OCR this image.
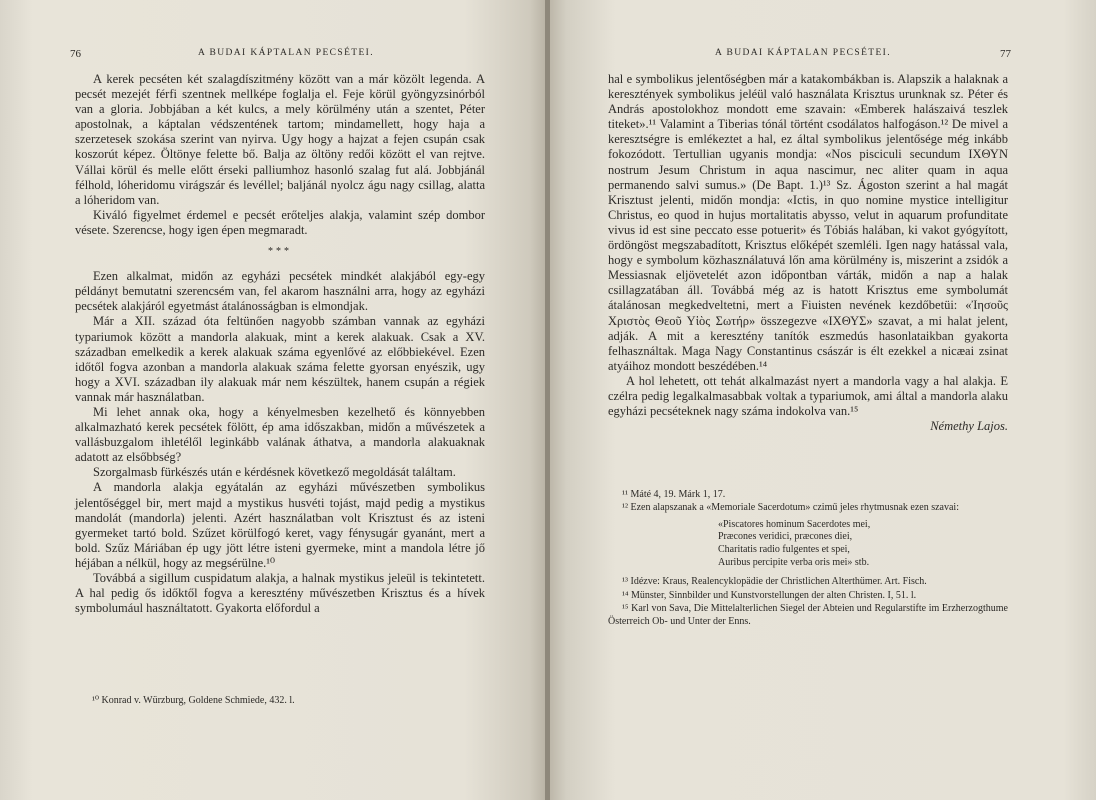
76	A BUDAI KÁPTALAN PECSÉTEI.

A kerek pecséten két szalagdíszitmény között van a már közölt legenda. A pecsét mezejét férfi szentnek mellképe foglalja el. Feje körül gyöngyzsinórból van a gloria. Jobbjában a két kulcs, a mely körülmény után a szentet, Péter apostolnak, a káptalan védszentének tartom; mindamellett, hogy haja a szerzetesek szokása szerint van nyirva. Ugy hogy a hajzat a fejen csupán csak koszorút képez. Öltönye felette bő. Balja az öltöny redői között el van rejtve. Vállai körül és melle előtt érseki palliumhoz hasonló szalag fut alá. Jobbjánál félhold, lóheridomu virágszár és levéllel; baljánál nyolcz águ nagy csillag, alatta a lóheridom van.

Kiváló figyelmet érdemel e pecsét erőteljes alakja, valamint szép dombor vésete. Szerencse, hogy igen épen megmaradt.

***

Ezen alkalmat, midőn az egyházi pecsétek mindkét alakjából egy-egy példányt bemutatni szerencsém van, fel akarom használni arra, hogy az egyházi pecsétek alakjáról egyetmást átalánosságban is elmondjak.

Már a XII. század óta feltünően nagyobb számban vannak az egyházi typariumok között a mandorla alakuak, mint a kerek alakuak. Csak a XV. században emelkedik a kerek alakuak száma egyenlővé az előbbiekével. Ezen időtől fogva azonban a mandorla alakuak száma felette gyorsan enyészik, ugy hogy a XVI. században ily alakuak már nem készültek, hanem csupán a régiek vannak már használatban.

Mi lehet annak oka, hogy a kényelmesben kezelhető és könnyebben alkalmazható kerek pecsétek fölött, ép ama időszakban, midőn a művészetek a vallásbuzgalom ihletélől leginkább valának áthatva, a mandorla alakuaknak adatott az elsőbbség?

Szorgalmasb fürkészés után e kérdésnek következő megoldását találtam.

A mandorla alakja egyátalán az egyházi művészetben symbolikus jelentőséggel bir, mert majd a mystikus husvéti tojást, majd pedig a mystikus mandolát (mandorla) jelenti. Azért használatban volt Krisztust és az isteni gyermeket tartó bold. Szűzet körülfogó keret, vagy fénysugár gyanánt, mert a bold. Szűz Máriában ép ugy jött létre isteni gyermeke, mint a mandola létre jő héjában a nélkül, hogy az megsérülne.¹⁰

Továbbá a sigillum cuspidatum alakja, a halnak mystikus jeleül is tekintetett. A hal pedig ős időktől fogva a keresztény művészetben Krisztus és a hívek symbolumául használtatott. Gyakorta előfordul a

¹⁰ Konrad v. Würzburg, Goldene Schmiede, 432. l.

A BUDAI KÁPTALAN PECSÉTEI.	77

hal e symbolikus jelentőségben már a katakombákban is. Alapszik a halaknak a keresztények symbolikus jeléül való használata Krisztus urunknak sz. Péter és András apostolokhoz mondott eme szavain: «Emberek halászaivá teszlek titeket».¹¹ Valamint a Tiberias tónál történt csodálatos halfogáson.¹² De mivel a keresztségre is emlékeztet a hal, ez által symbolikus jelentősége még inkább fokozódott. Tertullian ugyanis mondja: «Nos pisciculi secundum ΙΧΘΥΝ nostrum Jesum Christum in aqua nascimur, nec aliter quam in aqua permanendo salvi sumus.» (De Bapt. 1.)¹³ Sz. Ágoston szerint a hal magát Krisztust jelenti, midőn mondja: «Ictis, in quo nomine mystice intelligitur Christus, eo quod in hujus mortalitatis abysso, velut in aquarum profunditate vivus id est sine peccato esse potuerit» és Tóbiás halában, ki vakot gyógyított, ördöngöst megszabadított, Krisztus előképét szemléli. Igen nagy hatással vala, hogy e symbolum közhasználatuvá lőn ama körülmény is, miszerint a zsidók a Messiasnak eljövetelét azon időpontban várták, midőn a nap a halak csillagzatában áll. Továbbá még az is hatott Krisztus eme symbolumát átalánosan megkedveltetni, mert a Fiuisten nevének kezdőbetüi: «Ἰησοῦς Χριστὸς Θεοῦ Υἱὸς Σωτήρ» összegezve «ΙΧΘΥΣ» szavat, a mi halat jelent, adják. A mit a keresztény tanítók eszmedús hasonlataikban gyakorta felhasználtak. Maga Nagy Constantinus császár is élt ezekkel a nicæai zsinat atyáihoz mondott beszédében.¹⁴

A hol lehetett, ott tehát alkalmazást nyert a mandorla vagy a hal alakja. E czélra pedig legalkalmasabbak voltak a typariumok, ami által a mandorla alaku egyházi pecséteknek nagy száma indokolva van.¹⁵

Némethy Lajos.

¹¹ Máté 4, 19. Márk 1, 17.

¹² Ezen alapszanak a «Memoriale Sacerdotum» czimű jeles rhytmusnak ezen szavai:

«Piscatores hominum Sacerdotes mei,
Præcones veridici, præcones diei,
Charitatis radio fulgentes et spei,
Auribus percipite verba oris mei» stb.

¹³ Idézve: Kraus, Realencyklopädie der Christlichen Alterthümer. Art. Fisch.

¹⁴ Münster, Sinnbilder und Kunstvorstellungen der alten Christen. I, 51. l.

¹⁵ Karl von Sava, Die Mittelalterlichen Siegel der Abteien und Regularstifte im Erzherzogthume Österreich Ob- und Unter der Enns.
